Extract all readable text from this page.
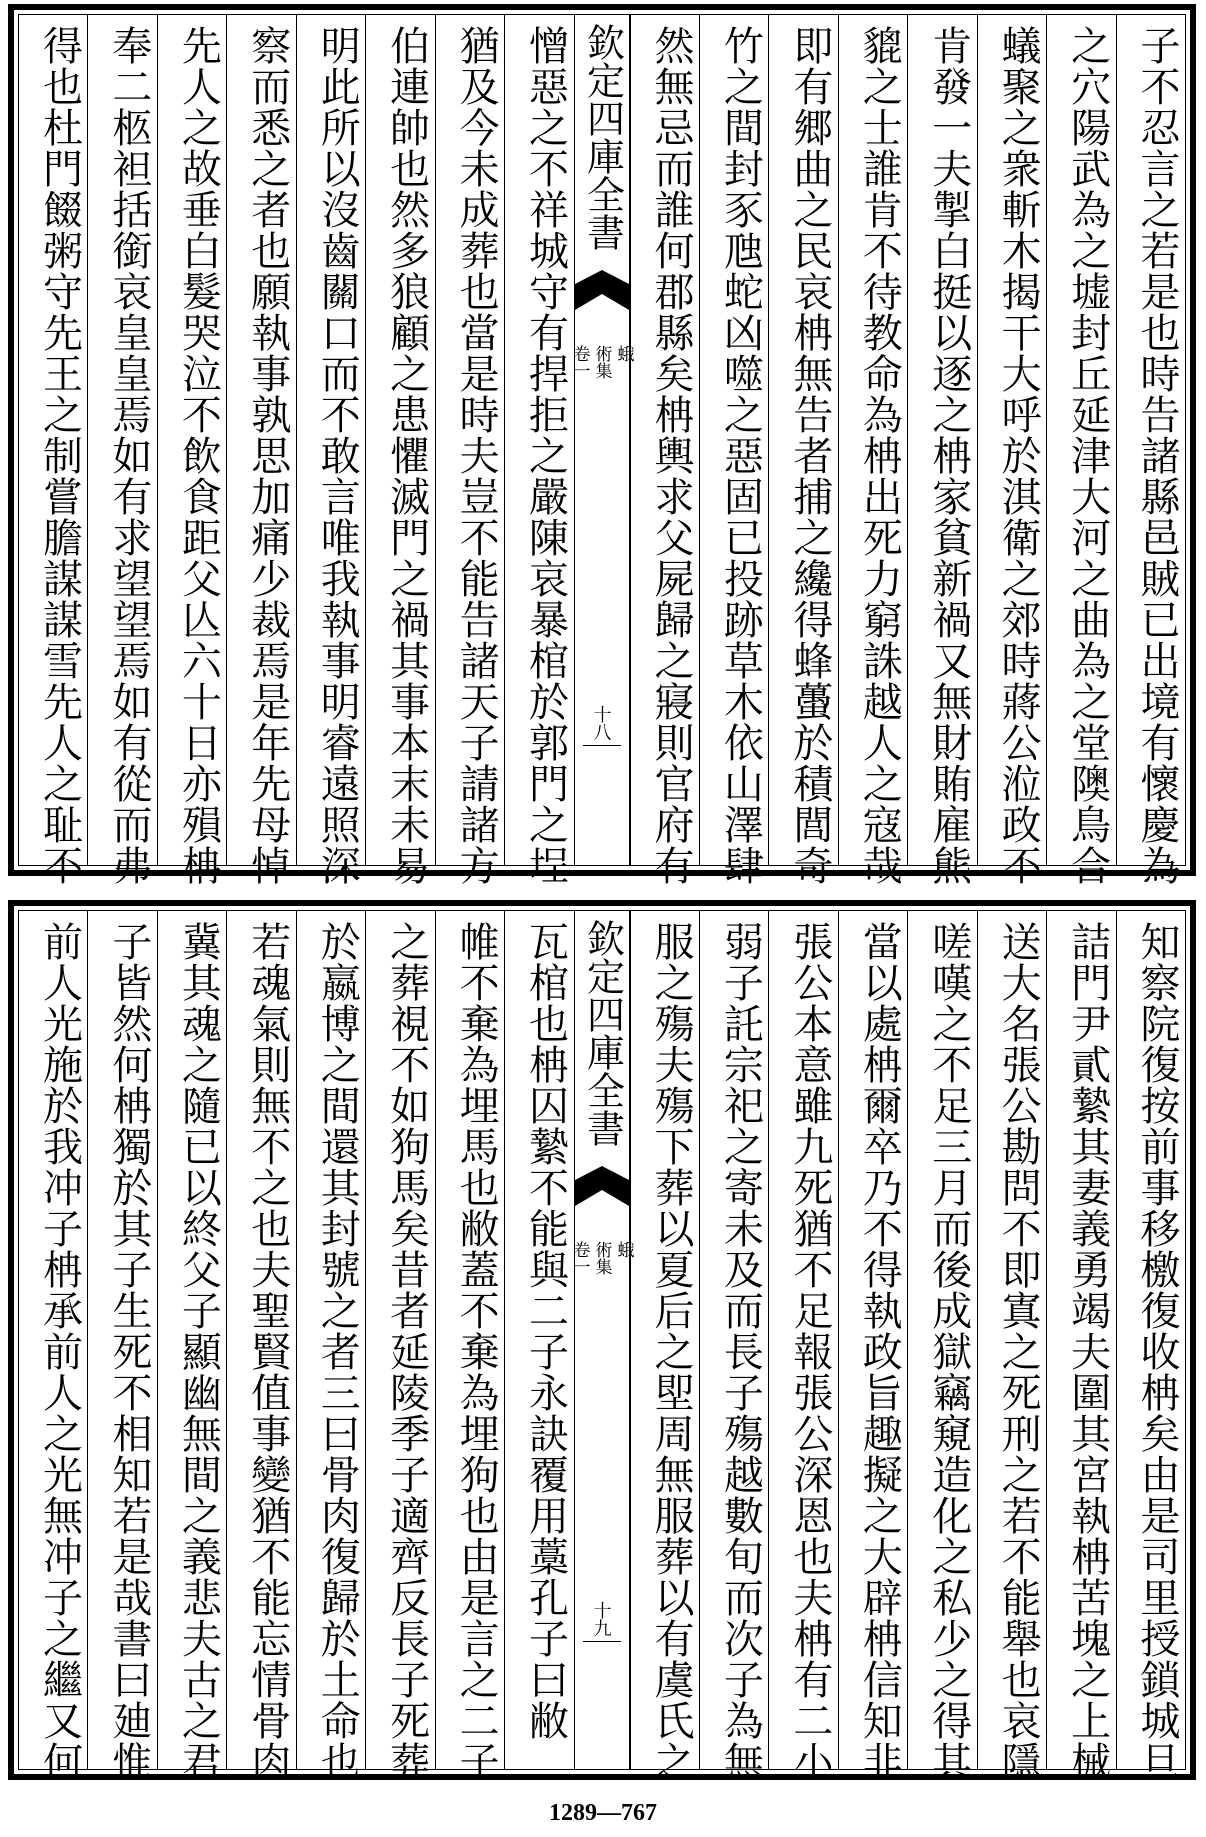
子不忍言之若是也時告諸縣邑賊已出境有懷慶為
之穴陽武為之墟封丘延津大河之曲為之堂隩鳥合
蟻聚之衆斬木揭干大呼於淇衛之郊時蔣公涖政不
肯發一夫掣白挺以逐之柟家貧新禍又無財賄雇熊
貔之士誰肯不待教命為柟出死力窮誅越人之寇哉
即有郷曲之民哀柟無告者捕之纔得蜂蠆於積閭奇
竹之間封豕虺蛇凶噬之惡固已投跡草木依山澤肆
然無忌而誰何郡縣矣柟輿求父屍歸之寢則官府有
欽定四庫全書
蛾
術集
卷一
十八
憎惡之不祥城守有捍拒之嚴陳哀暴棺於郭門之埕
猶及今未成葬也當是時夫豈不能告諸天子請諸方
伯連帥也然多狼顧之患懼滅門之禍其事本末未易
明此所以沒齒關口而不敢言唯我執事明睿遠照深
察而悉之者也願執事孰思加痛少裁焉是年先母悼
先人之故垂白髮哭泣不飲食距父亾六十日亦殞柟
奉二柩袒括銜哀皇皇焉如有求望望焉如有從而弗
得也杜門餟粥守先王之制嘗膽謀謀雪先人之耻不
知察院復按前事移檄復收柟矣由是司里授鎖城旦
詰門尹貳縶其妻義勇竭夫圍其宮執柟苦塊之上械
送大名張公勘問不即寘之死刑之若不能舉也哀隱
嗟嘆之不足三月而後成獄竊窺造化之私少之得其
當以處柟爾卒乃不得執政旨趣擬之大辟柟信知非
張公本意雖九死猶不足報張公深恩也夫柟有二小
弱子託宗祀之寄未及而長子殤越數旬而次子為無
服之殤夫殤下葬以夏后之堲周無服葬以有虞氏之
欽定四庫全書
蛾
術集
卷一
十九
瓦棺也柟囚縶不能與二子永訣覆用藁孔子曰敝
帷不棄為埋馬也敝蓋不棄為埋狗也由是言之二子
之葬視不如狗馬矣昔者延陵季子適齊反長子死葬
於嬴博之間還其封號之者三曰骨肉復歸於土命也
若魂氣則無不之也夫聖賢值事變猶不能忘情骨肉
冀其魂之隨已以終父子顯幽無間之義悲夫古之君
子皆然何柟獨於其子生死不相知若是哉書曰廸惟
前人光施於我冲子柟承前人之光無冲子之繼又何
1289—767
